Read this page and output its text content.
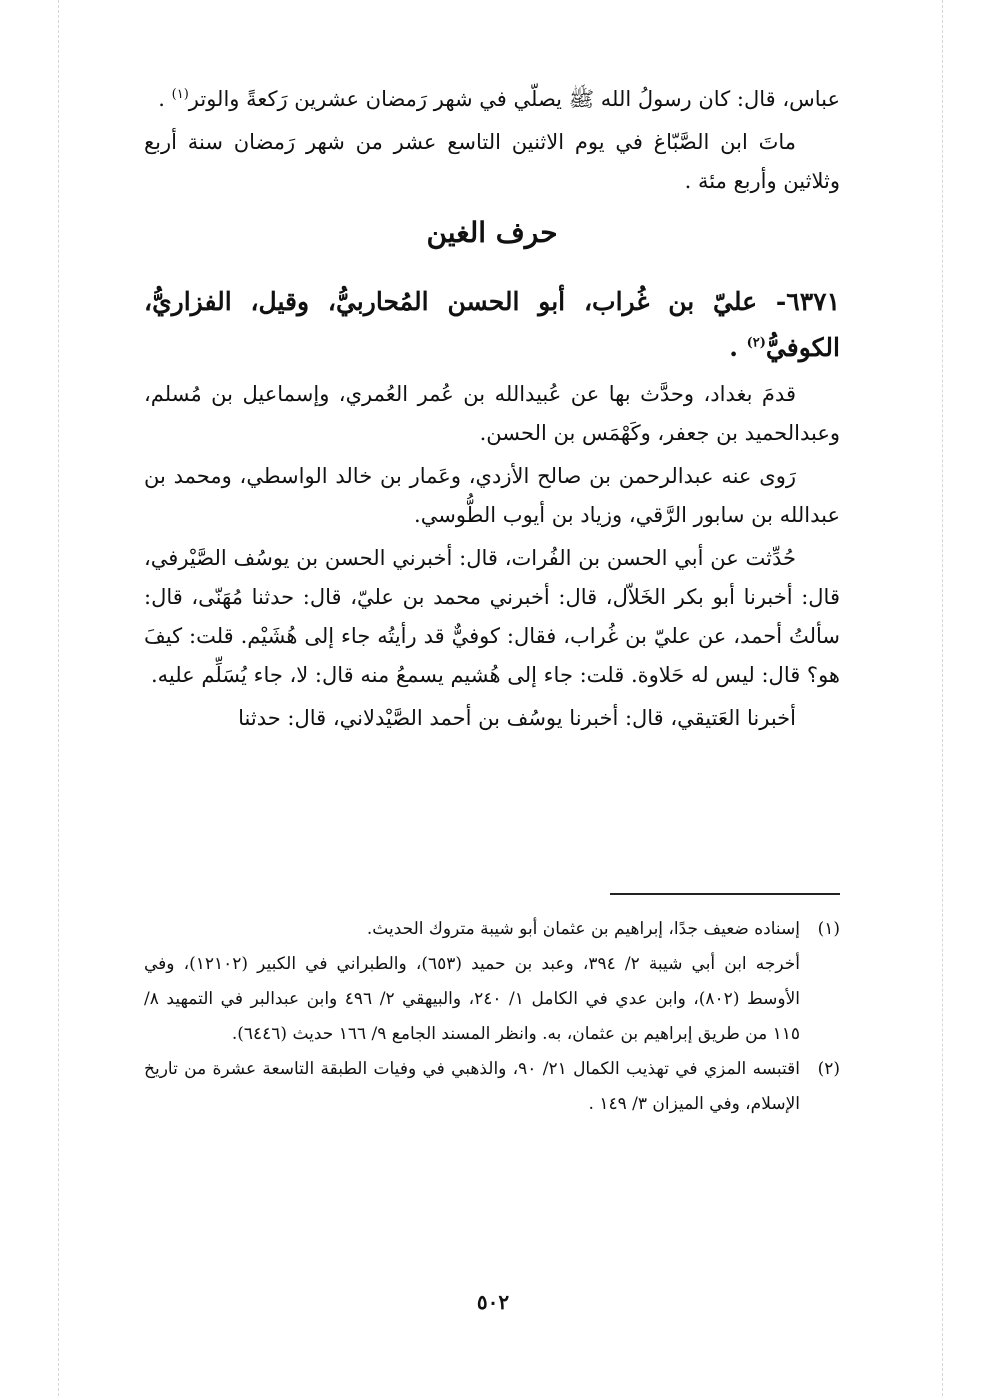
عباس، قال: كان رسولُ الله ﷺ يصلّي في شهر رَمضان عشرين رَكعةً والوتر$^{(١)}$ .

ماتَ ابن الصَّبّاغ في يوم الاثنين التاسع عشر من شهر رَمضان سنة أربع وثلاثين وأربع مئة .

حرف الغين

٦٣٧١- عليّ بن غُراب، أبو الحسن المُحاربيُّ، وقيل، الفزاريُّ، الكوفيُّ$^{(٢)}$ .

قدمَ بغداد، وحدَّث بها عن عُبيدالله بن عُمر العُمري، وإسماعيل بن مُسلم، وعبدالحميد بن جعفر، وكَهْمَس بن الحسن.

رَوى عنه عبدالرحمن بن صالح الأزدي، وعَمار بن خالد الواسطي، ومحمد بن عبدالله بن سابور الرَّقي، وزياد بن أيوب الطُّوسي.

حُدِّثت عن أبي الحسن بن الفُرات، قال: أخبرني الحسن بن يوسُف الصَّيْرفي، قال: أخبرنا أبو بكر الخَلاّل، قال: أخبرني محمد بن عليّ، قال: حدثنا مُهَنّى، قال: سألتُ أحمد، عن عليّ بن غُراب، فقال: كوفيٌّ قد رأيتُه جاء إلى هُشَيْم. قلت: كيفَ هو؟ قال: ليس له حَلاوة. قلت: جاء إلى هُشيم يسمعُ منه قال: لا، جاء يُسَلِّم عليه.

أخبرنا العَتيقي، قال: أخبرنا يوسُف بن أحمد الصَّيْدلاني، قال: حدثنا

(١)
إسناده ضعيف جدًا، إبراهيم بن عثمان أبو شيبة متروك الحديث.
أخرجه ابن أبي شيبة ٢/ ٣٩٤، وعبد بن حميد (٦٥٣)، والطبراني في الكبير (١٢١٠٢)، وفي الأوسط (٨٠٢)، وابن عدي في الكامل ١/ ٢٤٠، والبيهقي ٢/ ٤٩٦ وابن عبدالبر في التمهيد ٨/ ١١٥ من طريق إبراهيم بن عثمان، به. وانظر المسند الجامع ٩/ ١٦٦ حديث (٦٤٤٦).
(٢)
اقتبسه المزي في تهذيب الكمال ٢١/ ٩٠، والذهبي في وفيات الطبقة التاسعة عشرة من تاريخ الإسلام، وفي الميزان ٣/ ١٤٩ .
٥٠٢
